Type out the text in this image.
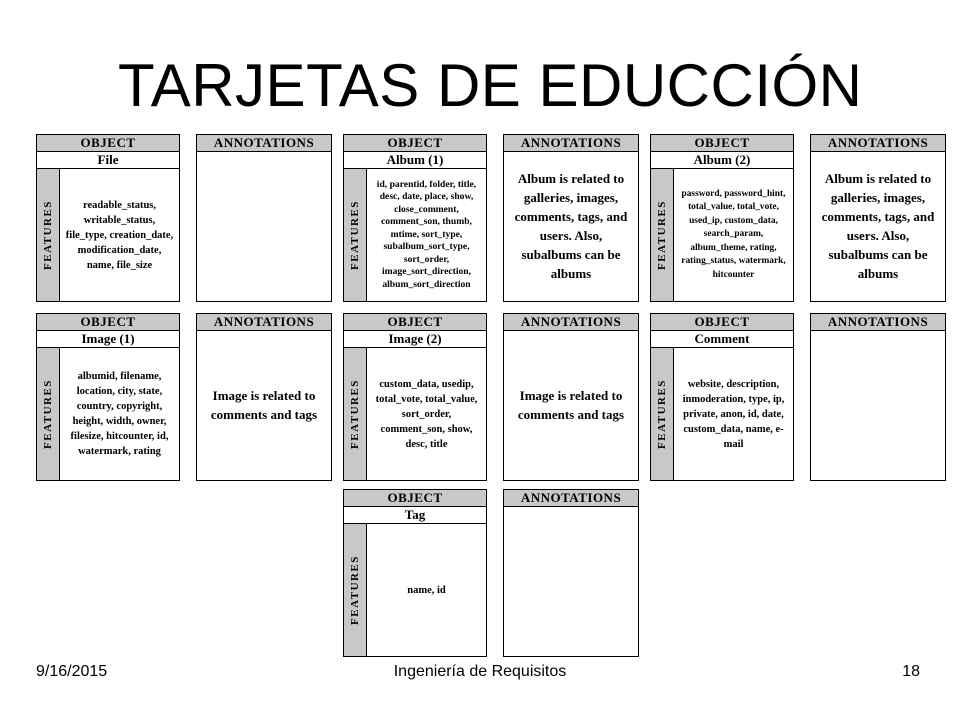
TARJETAS DE EDUCCIÓN
OBJECT
File
FEATURES	readable_status, writable_status, file_type, creation_date, modification_date, name, file_size
ANNOTATIONS	OBJECT
Album (1)
FEATURES
id, parentid, folder, title, desc, date, place, show, close_comment, comment_son, thumb, mtime, sort_type, subalbum_sort_type, sort_order, image_sort_direction, album_sort_direction
ANNOTATIONS
Album is related to galleries, images, comments, tags, and users. Also, subalbums can be albums
OBJECT
Album (2)
FEATURES
password, password_hint, total_value, total_vote, used_ip, custom_data, search_param, album_theme, rating, rating_status, watermark, hitcounter
ANNOTATIONS
Album is related to galleries, images, comments, tags, and users. Also, subalbums can be albums
OBJECT
Image (1)
FEATURES
albumid, filename, location, city, state, country, copyright, height, width, owner, filesize, hitcounter, id, watermark, rating
ANNOTATIONS
Image is related to comments and tags
OBJECT
Image (2)
FEATURES	custom_data, usedip, total_vote, total_value, sort_order, comment_son, show, desc, title
ANNOTATIONS
Image is related to comments and tags
OBJECT
Comment
FEATURES	website, description, inmoderation, type, ip, private, anon, id, date, custom_data, name, e-mail
ANNOTATIONS
OBJECT
Tag
FEATURES	name, id
ANNOTATIONS
9/16/2015	Ingeniería de Requisitos	18
